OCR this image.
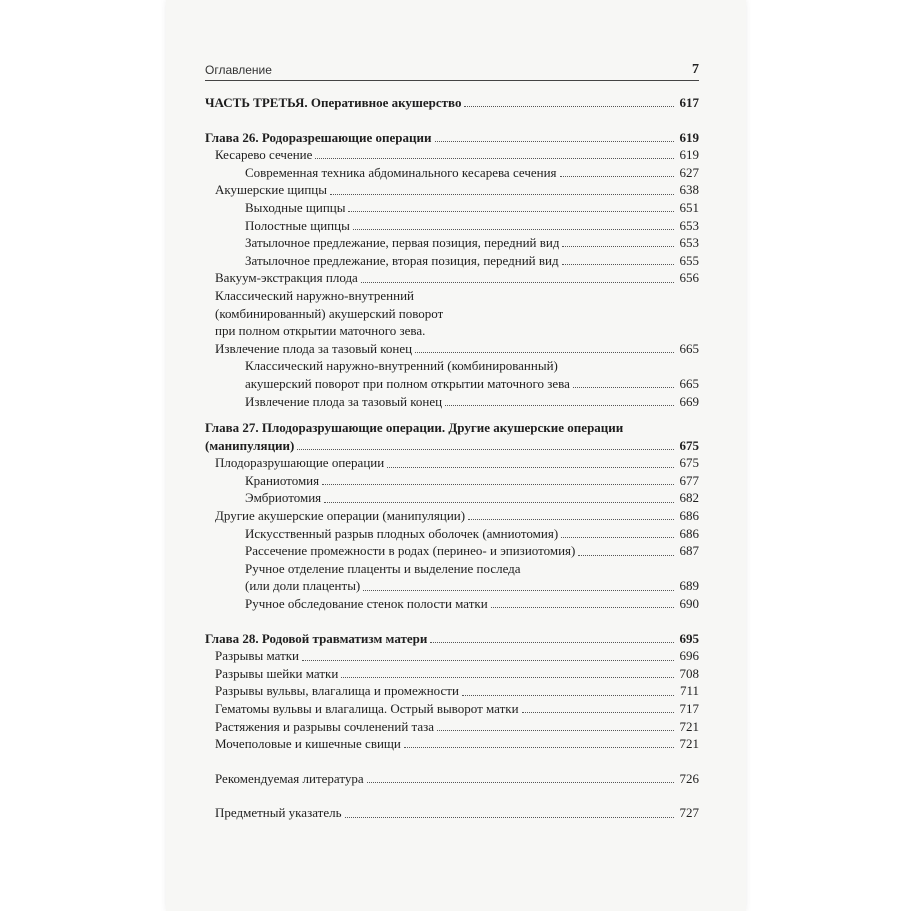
Оглавление	7
ЧАСТЬ ТРЕТЬЯ. Оперативное акушерство	617
Глава 26. Родоразрешающие операции	619
Кесарево сечение	619
Современная техника абдоминального кесарева сечения	627
Акушерские щипцы	638
Выходные щипцы	651
Полостные щипцы	653
Затылочное предлежание, первая позиция, передний вид	653
Затылочное предлежание, вторая позиция, передний вид	655
Вакуум-экстракция плода	656
Классический наружно-внутренний
(комбинированный) акушерский поворот
при полном открытии маточного зева.
Извлечение плода за тазовый конец	665
Классический наружно-внутренний (комбинированный)
акушерский поворот при полном открытии маточного зева	665
Извлечение плода за тазовый конец	669
Глава 27. Плодоразрушающие операции. Другие акушерские операции
(манипуляции)	675
Плодоразрушающие операции	675
Краниотомия	677
Эмбриотомия	682
Другие акушерские операции (манипуляции)	686
Искусственный разрыв плодных оболочек (амниотомия)	686
Рассечение промежности в родах (перинео- и эпизиотомия)	687
Ручное отделение плаценты и выделение последа
(или доли плаценты)	689
Ручное обследование стенок полости матки	690
Глава 28. Родовой травматизм матери	695
Разрывы матки	696
Разрывы шейки матки	708
Разрывы вульвы, влагалища и промежности	711
Гематомы вульвы и влагалища. Острый выворот матки	717
Растяжения и разрывы сочленений таза	721
Мочеполовые и кишечные свищи	721
Рекомендуемая литература	726
Предметный указатель	727
